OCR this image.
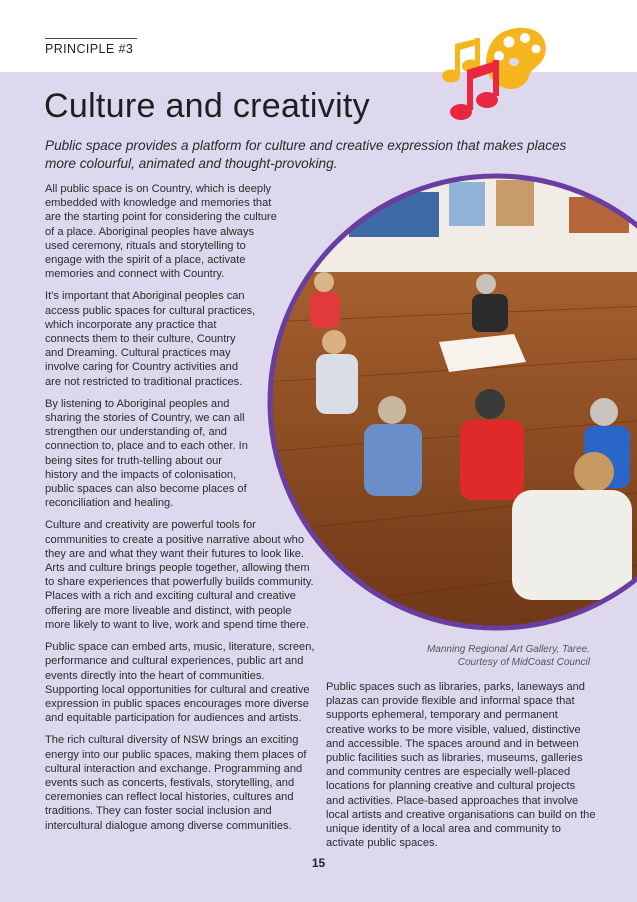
PRINCIPLE #3
Culture and creativity

Public space provides a platform for culture and creative expression that makes places more colourful, animated and thought-provoking.

All public space is on Country, which is deeply embedded with knowledge and memories that are the starting point for considering the culture of a place. Aboriginal peoples have always used ceremony, rituals and storytelling to engage with the spirit of a place, activate memories and connect with Country.

It’s important that Aboriginal peoples can access public spaces for cultural practices, which incorporate any practice that connects them to their culture, Country and Dreaming. Cultural practices may involve caring for Country activities and are not restricted to traditional practices.

By listening to Aboriginal peoples and sharing the stories of Country, we can all strengthen our understanding of, and connection to, place and to each other. In being sites for truth-telling about our history and the impacts of colonisation, public spaces can also become places of reconciliation and healing.

Culture and creativity are powerful tools for communities to create a positive narrative about who they are and what they want their futures to look like. Arts and culture brings people together, allowing them to share experiences that powerfully builds community. Places with a rich and exciting cultural and creative offering are more liveable and distinct, with people more likely to want to live, work and spend time there.

Public space can embed arts, music, literature, screen, performance and cultural experiences, public art and events directly into the heart of communities. Supporting local opportunities for cultural and creative expression in public spaces encourages more diverse and equitable participation for audiences and artists.

The rich cultural diversity of NSW brings an exciting energy into our public spaces, making them places of cultural interaction and exchange. Programming and events such as concerts, festivals, storytelling, and ceremonies can reflect local histories, cultures and traditions. They can foster social inclusion and intercultural dialogue among diverse communities.

Manning Regional Art Gallery, Taree.
Courtesy of MidCoast Council

Public spaces such as libraries, parks, laneways and plazas can provide flexible and informal space that supports ephemeral, temporary and permanent creative works to be more visible, valued, distinctive and accessible. The spaces around and in between public facilities such as libraries, museums, galleries and community centres are especially well-placed locations for planning creative and cultural projects and activities. Place-based approaches that involve local artists and creative organisations can build on the unique identity of a local area and community to activate public spaces.

15
